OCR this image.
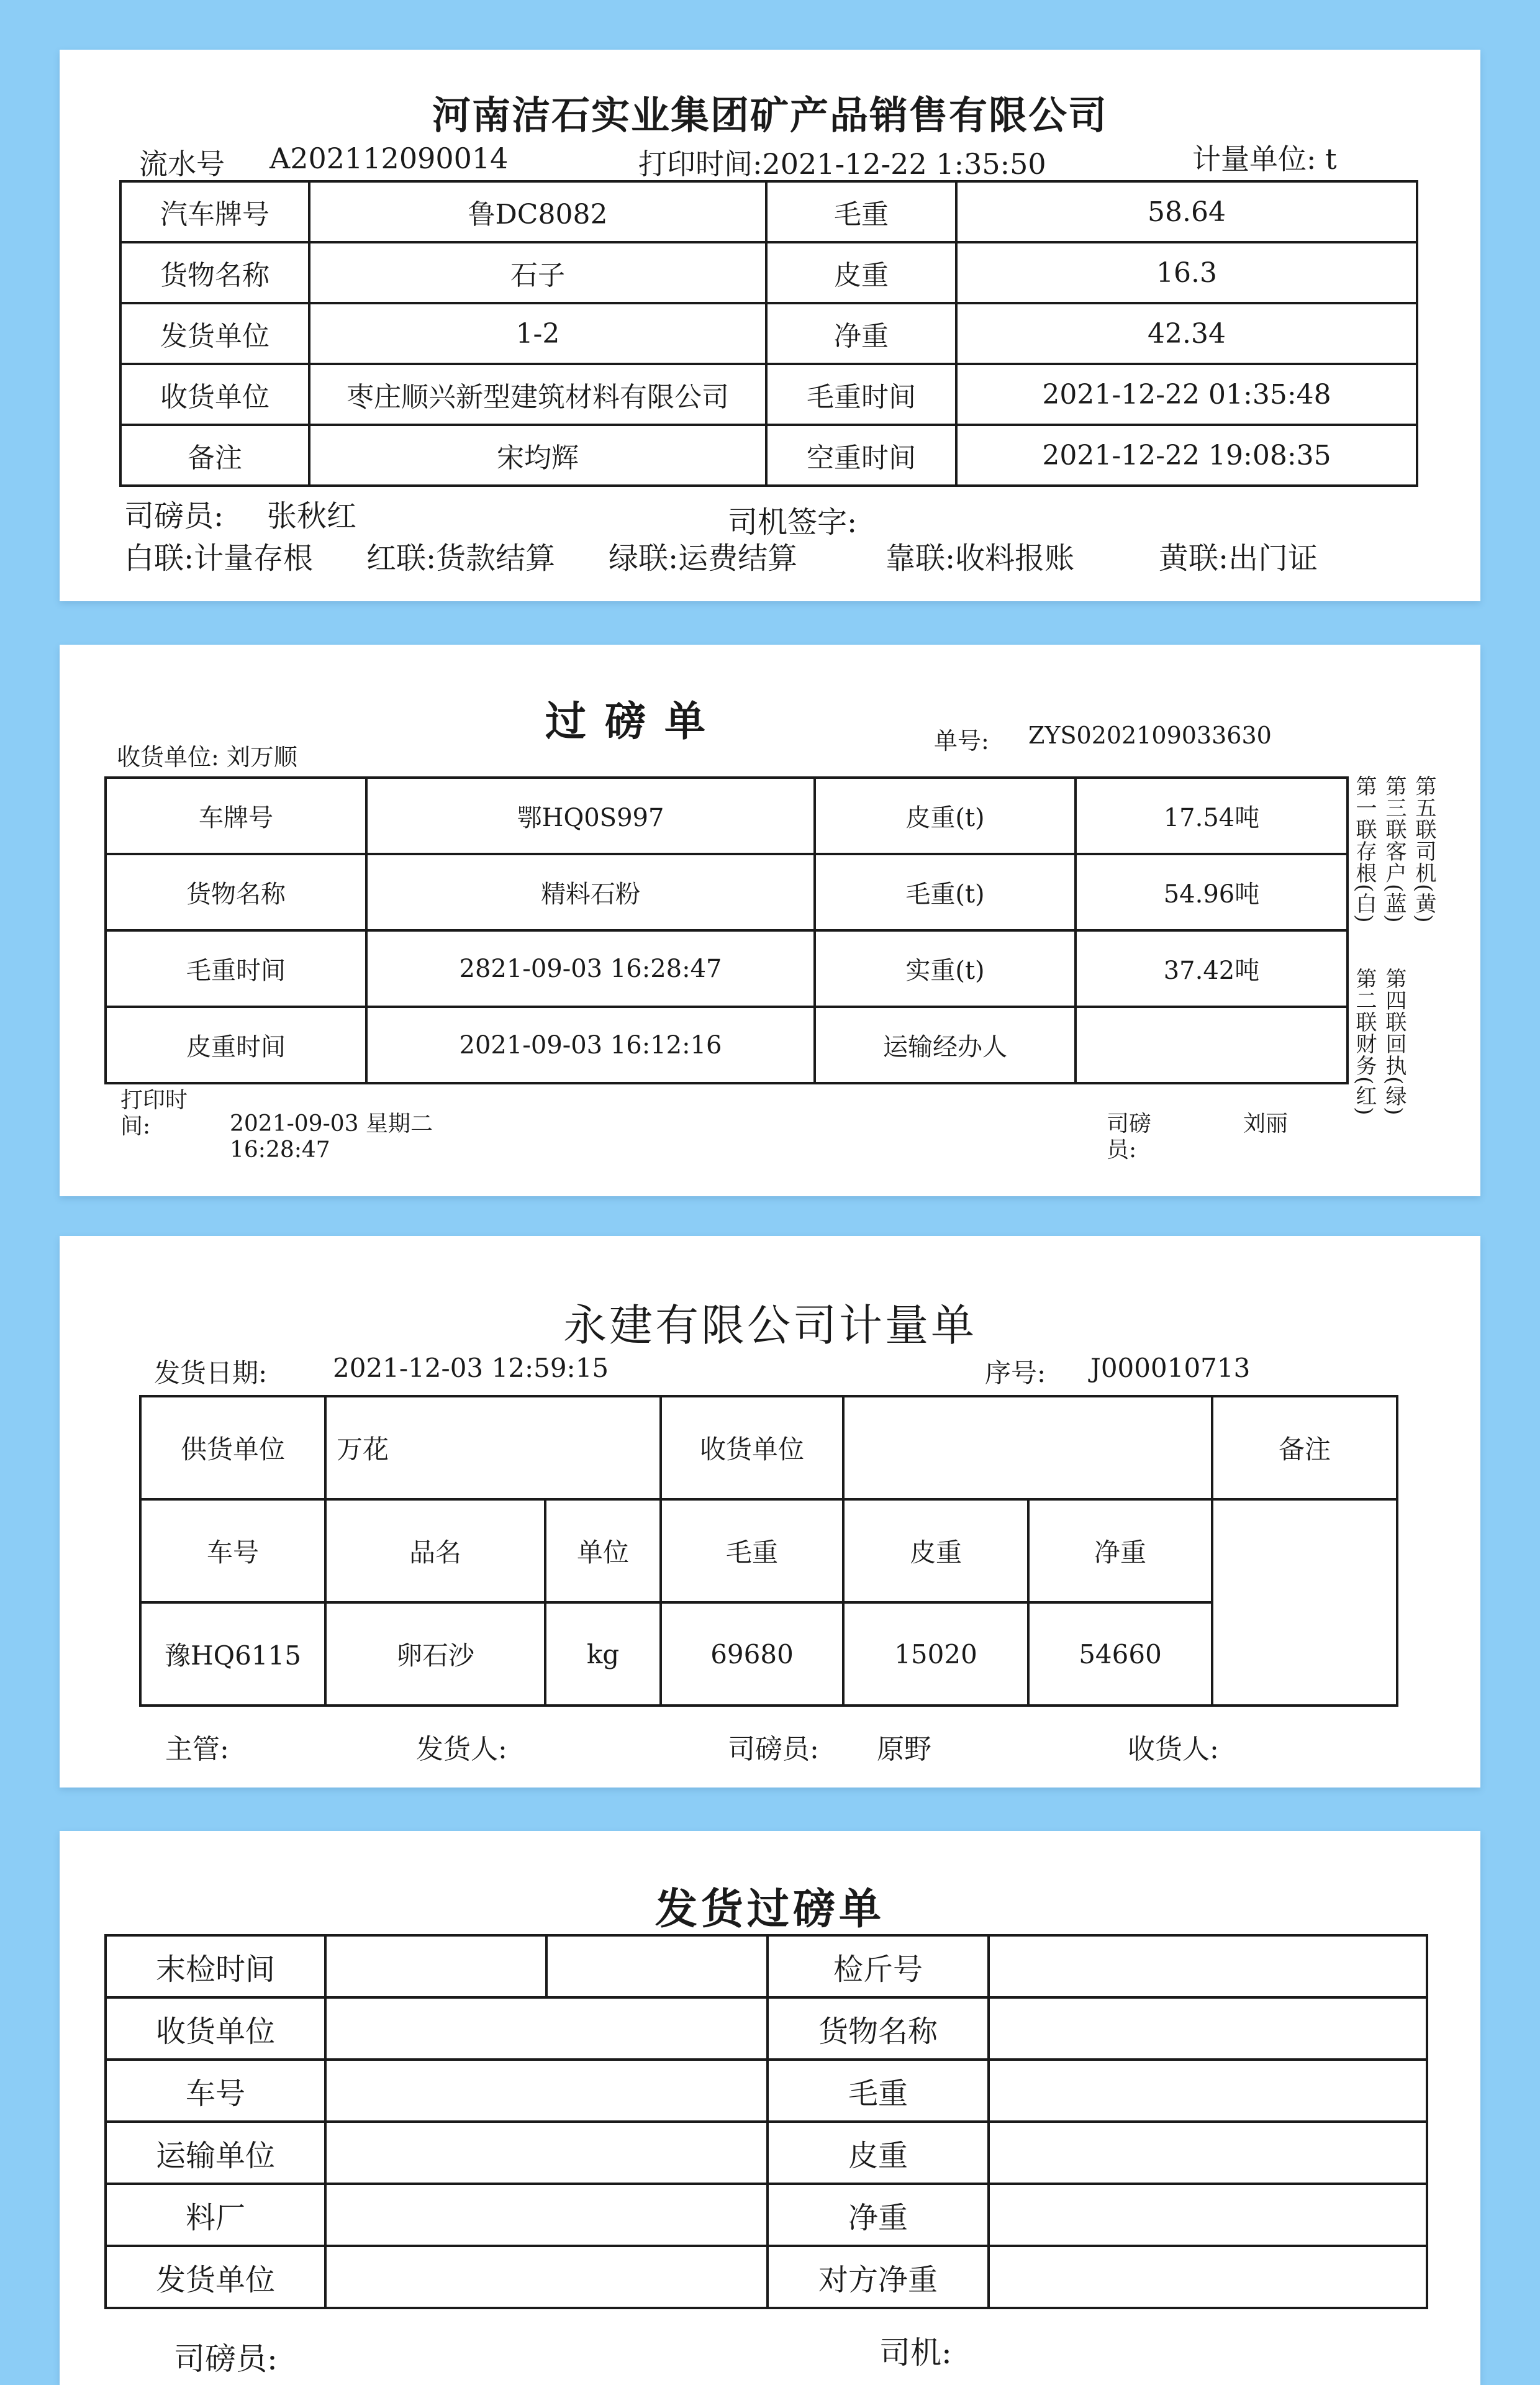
河南洁石实业集团矿产品销售有限公司
流水号 A202112090014	打印时间:2021-12-22 1:35:50	计量单位: t
汽车牌号	鲁DC8082	毛重	58.64
货物名称	石子	皮重	16.3
发货单位	1-2	净重	42.34
收货单位	枣庄顺兴新型建筑材料有限公司	毛重时间	2021-12-22 01:35:48
备注	宋均辉	空重时间	2021-12-22 19:08:35
司磅员: 张秋红	司机签字:
白联:计量存根 红联:货款结算 绿联:运费结算	靠联:收料报账	黄联:出门证
过磅单
收货单位: 刘万顺
单号: ZYS0202109033630
车牌号	鄂HQ0S997	皮重(t)	17.54吨
货物名称	精料石粉	毛重(t)	54.96吨
毛重时间	2821-09-03 16:28:47	实重(t)	37.42吨
皮重时间	2021-09-03 16:12:16	运输经办人	
打印时
间:	2021-09-03 星期二
16:28:47
司磅
员:
刘丽
第五联司机(黄)
第三联客户(蓝)
第一联存根(白)
第四联回执(绿)
第二联财务(红)
永建有限公司计量单
发货日期:	2021-12-03 12:59:15	序号: J000010713
供货单位	万花		收货单位			备注
车号	品名	单位	毛重	皮重	净重	
豫HQ6115	卵石沙	kg	69680	15020	54660	
主管:	发货人:	司磅员: 原野	收货人:
发货过磅单
末检时间			检斤号	
收货单位			货物名称	
车号			毛重	
运输单位			皮重	
料厂			净重	
发货单位			对方净重	
司磅员:	司机:
